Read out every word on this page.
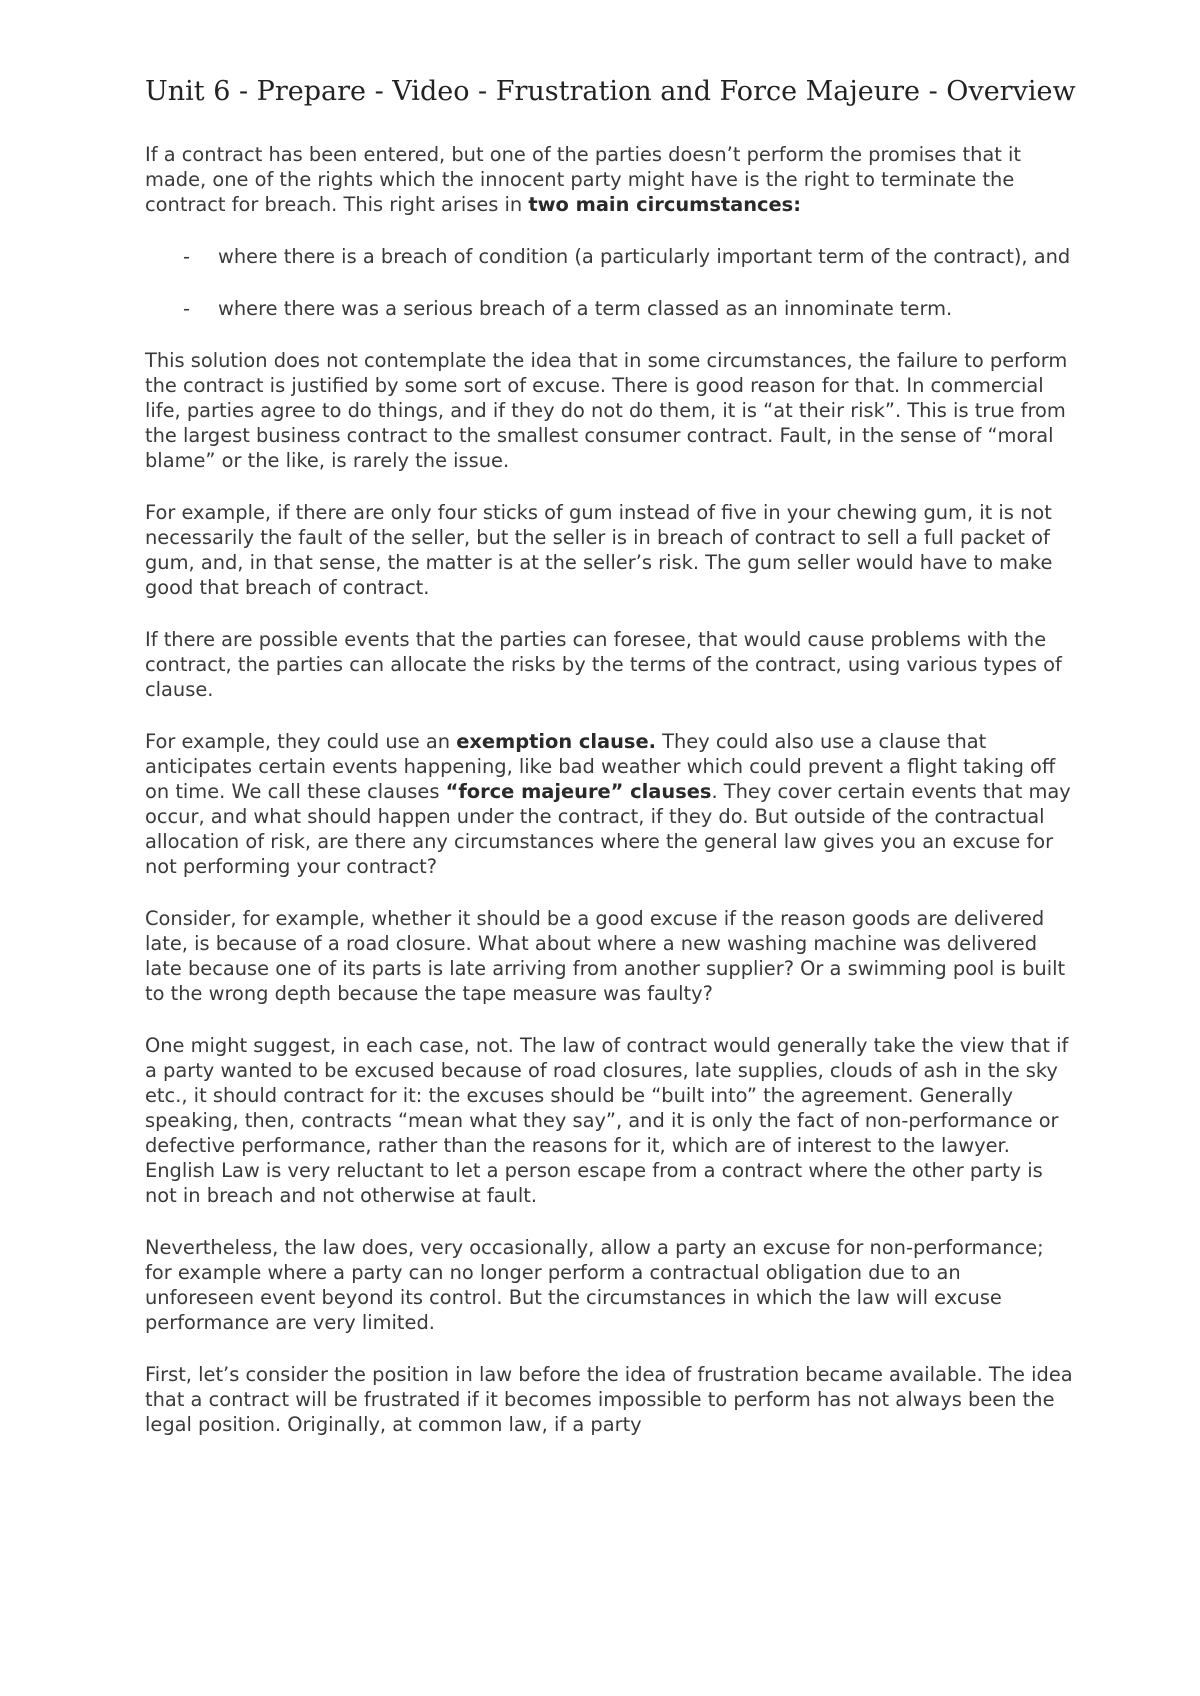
Unit 6 - Prepare - Video - Frustration and Force Majeure - Overview

If a contract has been entered, but one of the parties doesn’t perform the promises that it made, one of the rights which the innocent party might have is the right to terminate the contract for breach. This right arises in two main circumstances:

- where there is a breach of condition (a particularly important term of the contract), and
- where there was a serious breach of a term classed as an innominate term.

This solution does not contemplate the idea that in some circumstances, the failure to perform the contract is justified by some sort of excuse. There is good reason for that. In commercial life, parties agree to do things, and if they do not do them, it is “at their risk”. This is true from the largest business contract to the smallest consumer contract. Fault, in the sense of “moral blame” or the like, is rarely the issue.

For example, if there are only four sticks of gum instead of five in your chewing gum, it is not necessarily the fault of the seller, but the seller is in breach of contract to sell a full packet of gum, and, in that sense, the matter is at the seller’s risk. The gum seller would have to make good that breach of contract.

If there are possible events that the parties can foresee, that would cause problems with the contract, the parties can allocate the risks by the terms of the contract, using various types of clause.

For example, they could use an exemption clause. They could also use a clause that anticipates certain events happening, like bad weather which could prevent a flight taking off on time. We call these clauses “force majeure” clauses. They cover certain events that may occur, and what should happen under the contract, if they do. But outside of the contractual allocation of risk, are there any circumstances where the general law gives you an excuse for not performing your contract?

Consider, for example, whether it should be a good excuse if the reason goods are delivered late, is because of a road closure. What about where a new washing machine was delivered late because one of its parts is late arriving from another supplier? Or a swimming pool is built to the wrong depth because the tape measure was faulty?

One might suggest, in each case, not. The law of contract would generally take the view that if a party wanted to be excused because of road closures, late supplies, clouds of ash in the sky etc., it should contract for it: the excuses should be “built into” the agreement. Generally speaking, then, contracts “mean what they say”, and it is only the fact of non-performance or defective performance, rather than the reasons for it, which are of interest to the lawyer. English Law is very reluctant to let a person escape from a contract where the other party is not in breach and not otherwise at fault.

Nevertheless, the law does, very occasionally, allow a party an excuse for non-performance; for example where a party can no longer perform a contractual obligation due to an unforeseen event beyond its control. But the circumstances in which the law will excuse performance are very limited.

First, let’s consider the position in law before the idea of frustration became available. The idea that a contract will be frustrated if it becomes impossible to perform has not always been the legal position. Originally, at common law, if a party
